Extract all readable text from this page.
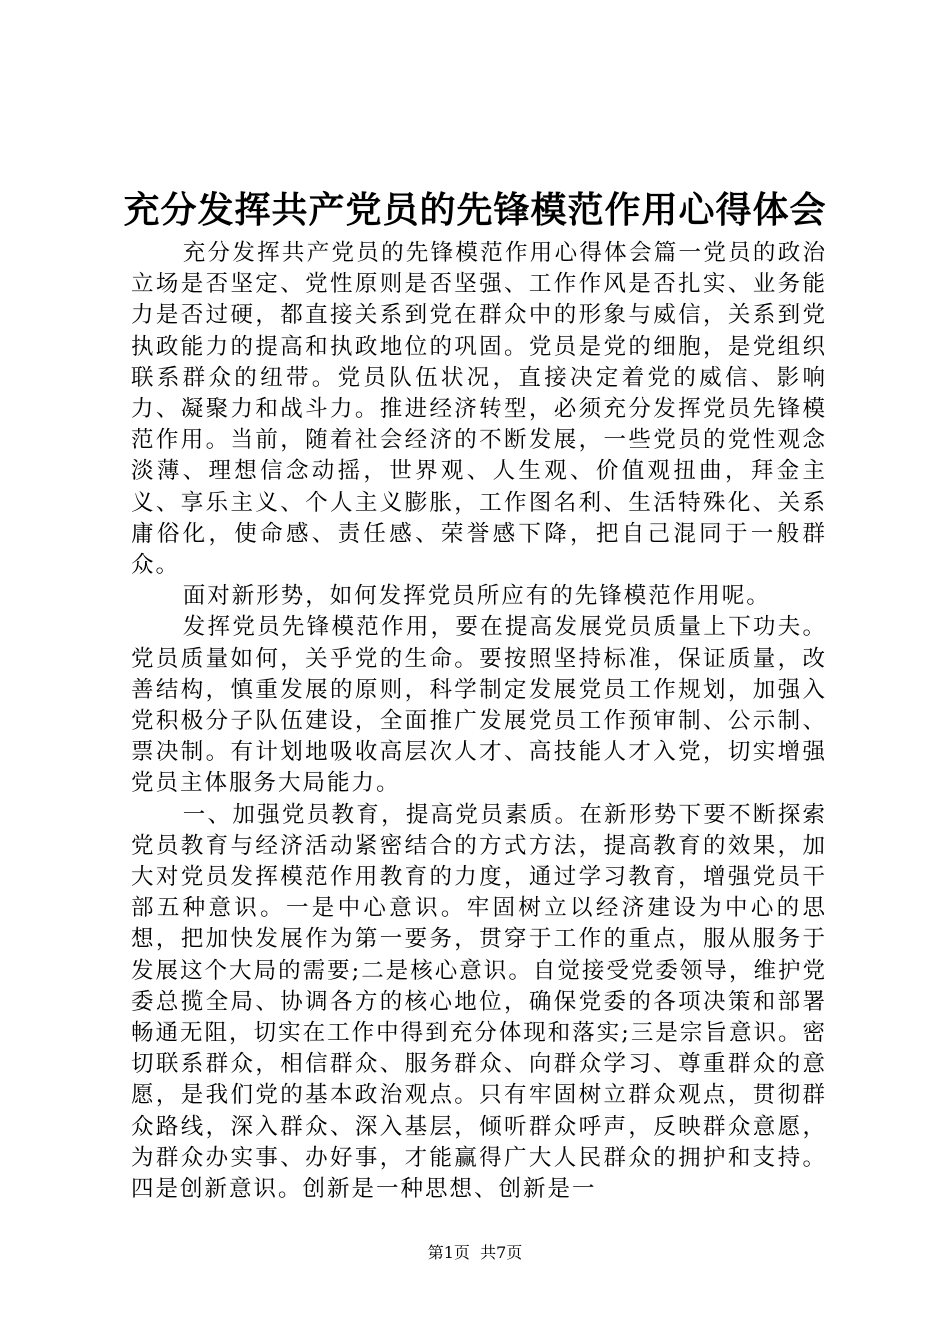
充分发挥共产党员的先锋模范作用心得体会

充分发挥共产党员的先锋模范作用心得体会篇一党员的政治立场是否坚定、党性原则是否坚强、工作作风是否扎实、业务能力是否过硬，都直接关系到党在群众中的形象与威信，关系到党执政能力的提高和执政地位的巩固。党员是党的细胞，是党组织联系群众的纽带。党员队伍状况，直接决定着党的威信、影响力、凝聚力和战斗力。推进经济转型，必须充分发挥党员先锋模范作用。当前，随着社会经济的不断发展，一些党员的党性观念淡薄、理想信念动摇，世界观、人生观、价值观扭曲，拜金主义、享乐主义、个人主义膨胀，工作图名利、生活特殊化、关系庸俗化，使命感、责任感、荣誉感下降，把自己混同于一般群众。

面对新形势，如何发挥党员所应有的先锋模范作用呢。

发挥党员先锋模范作用，要在提高发展党员质量上下功夫。党员质量如何，关乎党的生命。要按照坚持标准，保证质量，改善结构，慎重发展的原则，科学制定发展党员工作规划，加强入党积极分子队伍建设，全面推广发展党员工作预审制、公示制、票决制。有计划地吸收高层次人才、高技能人才入党，切实增强党员主体服务大局能力。

一、加强党员教育，提高党员素质。在新形势下要不断探索党员教育与经济活动紧密结合的方式方法，提高教育的效果，加大对党员发挥模范作用教育的力度，通过学习教育，增强党员干部五种意识。一是中心意识。牢固树立以经济建设为中心的思想，把加快发展作为第一要务，贯穿于工作的重点，服从服务于发展这个大局的需要;二是核心意识。自觉接受党委领导，维护党委总揽全局、协调各方的核心地位，确保党委的各项决策和部署畅通无阻，切实在工作中得到充分体现和落实;三是宗旨意识。密切联系群众，相信群众、服务群众、向群众学习、尊重群众的意愿，是我们党的基本政治观点。只有牢固树立群众观点，贯彻群众路线，深入群众、深入基层，倾听群众呼声，反映群众意愿，为群众办实事、办好事，才能赢得广大人民群众的拥护和支持。四是创新意识。创新是一种思想、创新是一

第1页  共7页
